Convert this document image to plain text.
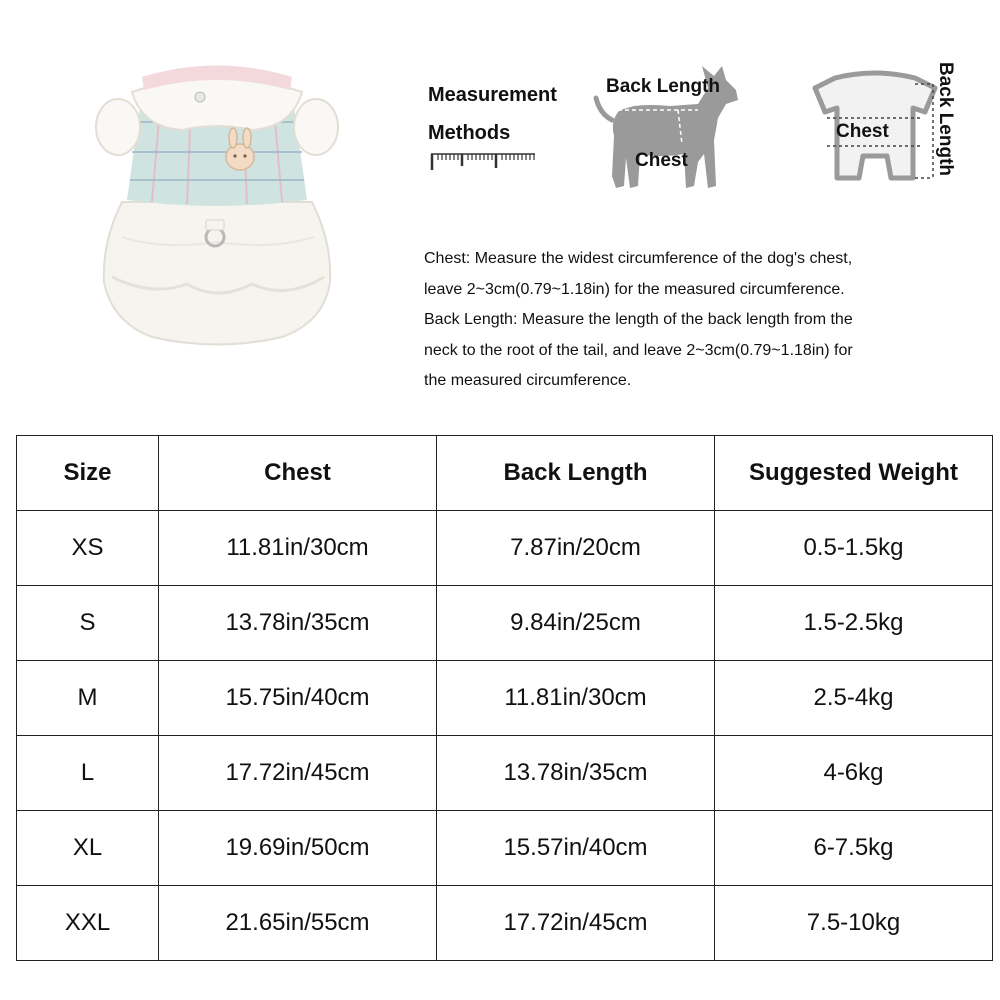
Measurement
Methods
Back Length
Chest
Chest Back Length

Chest: Measure the widest circumference of the dog's chest,

leave 2~3cm(0.79~1.18in) for the measured circumference.

Back Length: Measure the length of the back length from the

neck to the root of the tail, and leave 2~3cm(0.79~1.18in) for

the measured circumference.

Size	Chest	Back Length	Suggested Weight
XS	11.81in/30cm	7.87in/20cm	0.5-1.5kg
S	13.78in/35cm	9.84in/25cm	1.5-2.5kg
M	15.75in/40cm	11.81in/30cm	2.5-4kg
L	17.72in/45cm	13.78in/35cm	4-6kg
XL	19.69in/50cm	15.57in/40cm	6-7.5kg
XXL	21.65in/55cm	17.72in/45cm	7.5-10kg
